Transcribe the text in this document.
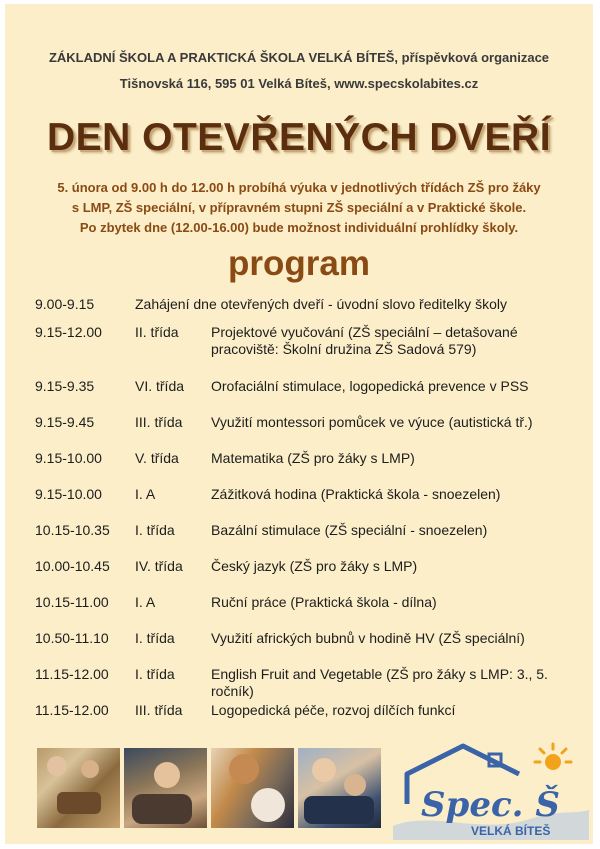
ZÁKLADNÍ ŠKOLA A PRAKTICKÁ ŠKOLA VELKÁ BÍTEŠ, příspěvková organizace
Tišnovská 116, 595 01 Velká Bíteš, www.specskolabites.cz
DEN OTEVŘENÝCH DVEŘÍ
5. února od 9.00 h do 12.00 h probíhá výuka v jednotlivých třídách ZŠ pro žáky
s LMP, ZŠ speciální, v přípravném stupni ZŠ speciální a v Praktické škole.
Po zbytek dne (12.00-16.00) bude možnost individuální prohlídky školy.
program
9.00-9.15	Zahájení dne otevřených dveří - úvodní slovo ředitelky školy
9.15-12.00 II. třída Projektové vyučování (ZŠ speciální – detašované pracoviště: Školní družina ZŠ Sadová 579)
9.15-9.35	VI. třída Orofaciální stimulace, logopedická prevence v PSS
9.15-9.45	III. třída Využití montessori pomůcek ve výuce (autistická tř.)
9.15-10.00 V. třída Matematika (ZŠ pro žáky s LMP)
9.15-10.00 I. A	Zážitková hodina (Praktická škola - snoezelen)
10.15-10.35 I. třída	Bazální stimulace (ZŠ speciální - snoezelen)
10.00-10.45 IV. třída Český jazyk (ZŠ pro žáky s LMP)
10.15-11.00 I. A	Ruční práce (Praktická škola - dílna)
10.50-11.10 I. třída	Využití afrických bubnů v hodině HV (ZŠ speciální)
11.15-12.00 I. třída	English Fruit and Vegetable (ZŠ pro žáky s LMP: 3., 5. ročník)
11.15-12.00 III. třída Logopedická péče, rozvoj dílčích funkcí
Spec. Š
VELKÁ BÍTEŠ
